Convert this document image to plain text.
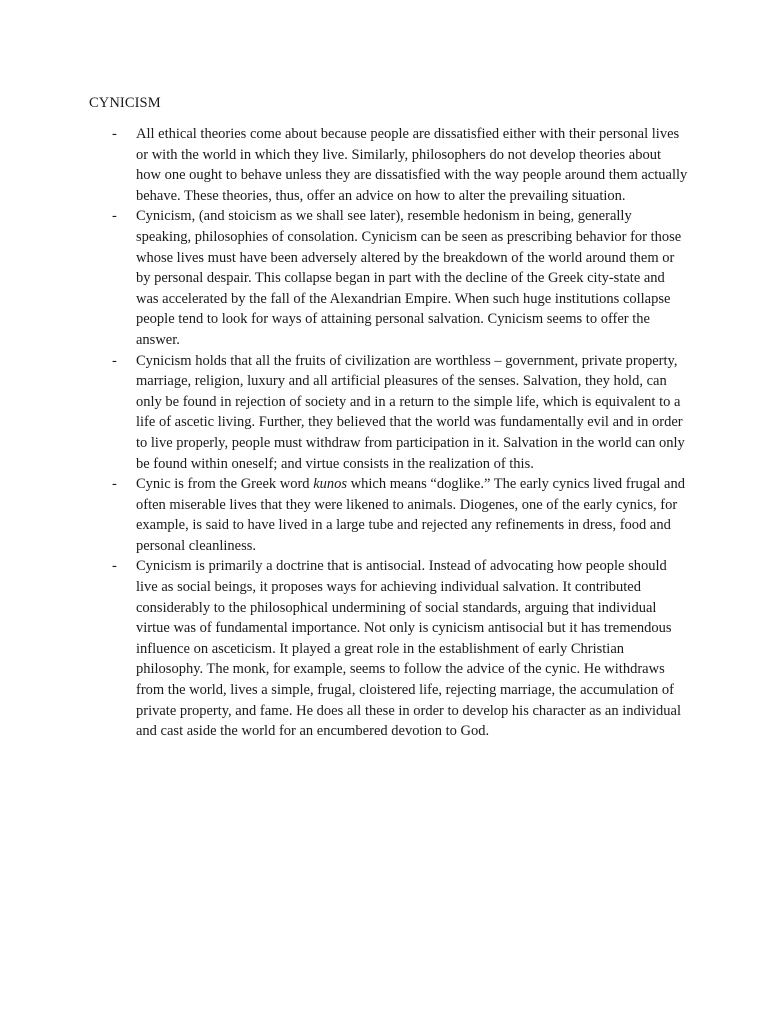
CYNICISM
- All ethical theories come about because people are dissatisfied either with their personal lives or with the world in which they live. Similarly, philosophers do not develop theories about how one ought to behave unless they are dissatisfied with the way people around them actually behave. These theories, thus, offer an advice on how to alter the prevailing situation.
- Cynicism, (and stoicism as we shall see later), resemble hedonism in being, generally speaking, philosophies of consolation. Cynicism can be seen as prescribing behavior for those whose lives must have been adversely altered by the breakdown of the world around them or by personal despair. This collapse began in part with the decline of the Greek city-state and was accelerated by the fall of the Alexandrian Empire. When such huge institutions collapse people tend to look for ways of attaining personal salvation. Cynicism seems to offer the answer.
- Cynicism holds that all the fruits of civilization are worthless – government, private property, marriage, religion, luxury and all artificial pleasures of the senses. Salvation, they hold, can only be found in rejection of society and in a return to the simple life, which is equivalent to a life of ascetic living. Further, they believed that the world was fundamentally evil and in order to live properly, people must withdraw from participation in it. Salvation in the world can only be found within oneself; and virtue consists in the realization of this.
- Cynic is from the Greek word kunos which means “doglike.” The early cynics lived frugal and often miserable lives that they were likened to animals. Diogenes, one of the early cynics, for example, is said to have lived in a large tube and rejected any refinements in dress, food and personal cleanliness.
- Cynicism is primarily a doctrine that is antisocial. Instead of advocating how people should live as social beings, it proposes ways for achieving individual salvation. It contributed considerably to the philosophical undermining of social standards, arguing that individual virtue was of fundamental importance. Not only is cynicism antisocial but it has tremendous influence on asceticism. It played a great role in the establishment of early Christian philosophy. The monk, for example, seems to follow the advice of the cynic. He withdraws from the world, lives a simple, frugal, cloistered life, rejecting marriage, the accumulation of private property, and fame. He does all these in order to develop his character as an individual and cast aside the world for an encumbered devotion to God.
